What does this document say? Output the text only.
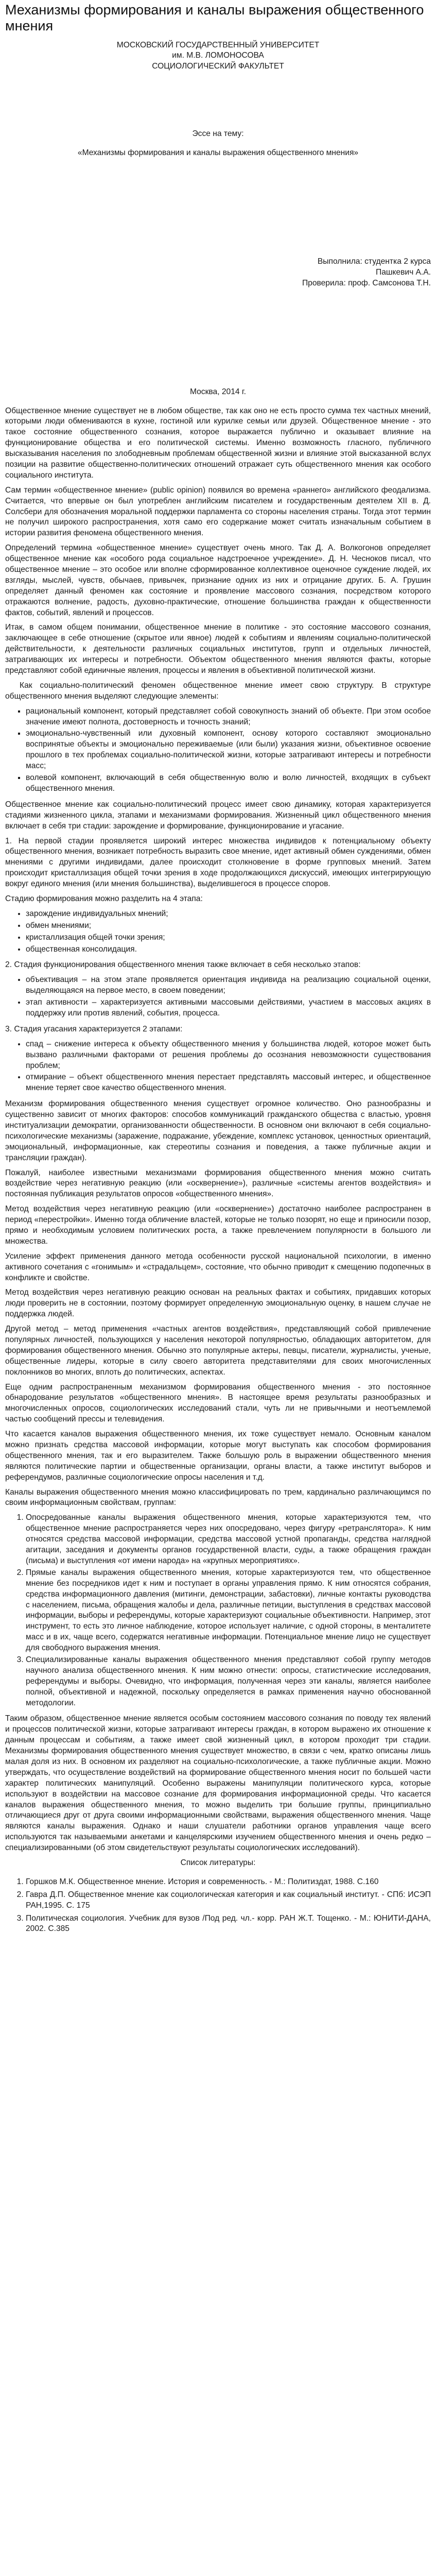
Механизмы формирования и каналы выражения общественного мнения
МОСКОВСКИЙ ГОСУДАРСТВЕННЫЙ УНИВЕРСИТЕТ
им. М.В. ЛОМОНОСОВА
СОЦИОЛОГИЧЕСКИЙ ФАКУЛЬТЕТ
Эссе на тему:
«Механизмы формирования и каналы выражения общественного мнения»
Выполнила: студентка 2 курса
Пашкевич А.А.
Проверила: проф. Самсонова Т.Н.
Москва, 2014 г.

Общественное мнение существует не в любом обществе, так как оно не есть просто сумма тех частных мнений, которыми люди обмениваются в кухне, гостиной или курилке семьи или друзей. Общественное мнение - это такое состояние общественного сознания, которое выражается публично и оказывает влияние на функционирование общества и его политической системы. Именно возможность гласного, публичного высказывания населения по злободневным проблемам общественной жизни и влияние этой высказанной вслух позиции на развитие общественно-политических отношений отражает суть общественного мнения как особого социального института.

Сам термин «общественное мнение» (public opinion) появился во времена «раннего» английского феодализма. Считается, что впервые он был употреблен английским писателем и государственным деятелем XII в. Д. Солсбери для обозначения моральной поддержки парламента со стороны населения страны. Тогда этот термин не получил широкого распространения, хотя само его содержание может считать изначальным событием в истории развития феномена общественного мнения.

Определений термина «общественное мнение» существует очень много. Так Д. А. Волкогонов определяет общественное мнение как «особого рода социальное надстроечное учреждение». Д. Н. Чесноков писал, что общественное мнение – это особое или вполне сформированное коллективное оценочное суждение людей, их взгляды, мыслей, чувств, обычаев, привычек, признание одних из них и отрицание других. Б. А. Грушин определяет данный феномен как состояние и проявление массового сознания, посредством которого отражаются волнение, радость, духовно-практические, отношение большинства граждан к общественности фактов, событий, явлений и процессов.

Итак, в самом общем понимании, общественное мнение в политике - это состояние массового сознания, заключающее в себе отношение (скрытое или явное) людей к событиям и явлениям социально-политической действительности, к деятельности различных социальных институтов, групп и отдельных личностей, затрагивающих их интересы и потребности. Объектом общественного мнения являются факты, которые представляют собой единичные явления, процессы и явления в объективной политической жизни.

Как социально-политический феномен общественное мнение имеет свою структуру. В структуре общественного мнения выделяют следующие элементы:

▪ рациональный компонент, который представляет собой совокупность знаний об объекте. При этом особое значение имеют полнота, достоверность и точность знаний;
▪ эмоционально-чувственный или духовный компонент, основу которого составляют эмоционально воспринятые объекты и эмоционально переживаемые (или были) указания жизни, объективное освоение прошлого в тех проблемах социально-политической жизни, которые затрагивают интересы и потребности масс;
▪ волевой компонент, включающий в себя общественную волю и волю личностей, входящих в субъект общественного мнения.

Общественное мнение как социально-политический процесс имеет свою динамику, которая характеризуется стадиями жизненного цикла, этапами и механизмами формирования. Жизненный цикл общественного мнения включает в себя три стадии: зарождение и формирование, функционирование и угасание.

1. На первой стадии проявляется широкий интерес множества индивидов к потенциальному объекту общественного мнения, возникает потребность выразить свое мнение, идет активный обмен суждениями, обмен мнениями с другими индивидами, далее происходит столкновение в форме групповых мнений. Затем происходит кристаллизация общей точки зрения в ходе продолжающихся дискуссий, имеющих интегрирующую вокруг единого мнения (или мнения большинства), выделившегося в процессе споров.

Стадию формирования можно разделить на 4 этапа:

• зарождение индивидуальных мнений;
• обмен мнениями;
• кристаллизация общей точки зрения;
• общественная консолидация.

2. Стадия функционирования общественного мнения также включает в себя несколько этапов:

• объективация – на этом этапе проявляется ориентация индивида на реализацию социальной оценки, выделяющаяся на первое место, в своем поведении;
• этап активности – характеризуется активными массовыми действиями, участием в массовых акциях в поддержку или против явлений, события, процесса.

3. Стадия угасания характеризуется 2 этапами:

• спад – снижение интереса к объекту общественного мнения у большинства людей, которое может быть вызвано различными факторами от решения проблемы до осознания невозможности существования проблем;
• отмирание – объект общественного мнения перестает представлять массовый интерес, и общественное мнение теряет свое качество общественного мнения.

Механизм формирования общественного мнения существует огромное количество. Оно разнообразны и существенно зависит от многих факторов: способов коммуникаций гражданского общества с властью, уровня институализации демократии, организованности общественности. В основном они включают в себя социально-психологические механизмы (заражение, подражание, убеждение, комплекс установок, ценностных ориентаций, эмоциональный, информационные, как стереотипы сознания и поведения, а также публичные акции и трансляции граждан).

Пожалуй, наиболее известными механизмами формирования общественного мнения можно считать воздействие через негативную реакцию (или «осквернение»), различные «системы агентов воздействия» и постоянная публикация результатов опросов «общественного мнения».

Метод воздействия через негативную реакцию (или «осквернение») достаточно наиболее распространен в период «перестройки». Именно тогда обличение властей, которые не только позорят, но еще и приносили позор, прямо и необходимым условием политических роста, а также превлечением популярности в большого ли множества.

Усиление эффект применения данного метода особенности русской национальной психологии, в именно активного сочетания с «гонимым» и «страдальцем», состояние, что обычно приводит к смещению подопечных в конфликте и свойстве.

Метод воздействия через негативную реакцию основан на реальных фактах и событиях, придавших которых люди проверить не в состоянии, поэтому формирует определенную эмоциональную оценку, в нашем случае не поддержка людей.

Другой метод – метод применения «частных агентов воздействия», представляющий собой привлечение популярных личностей, пользующихся у населения некоторой популярностью, обладающих авторитетом, для формирования общественного мнения. Обычно это популярные актеры, певцы, писатели, журналисты, ученые, общественные лидеры, которые в силу своего авторитета представителями для своих многочисленных поклонников во многих, вплоть до политических, аспектах.

Еще одним распространенным механизмом формирования общественного мнения - это постоянное обнародование результатов «общественного мнения». В настоящее время результаты разнообразных и многочисленных опросов, социологических исследований стали, чуть ли не привычными и неотъемлемой частью сообщений прессы и телевидения.

Что касается каналов выражения общественного мнения, их тоже существует немало. Основным каналом можно признать средства массовой информации, которые могут выступать как способом формирования общественного мнения, так и его выразителем. Также большую роль в выражении общественного мнения являются политические партии и общественные организации, органы власти, а также институт выборов и референдумов, различные социологические опросы населения и т.д.

Каналы выражения общественного мнения можно классифицировать по трем, кардинально различающимся по своим информационным свойствам, группам:

1. Опосредованные каналы выражения общественного мнения, которые характеризуются тем, что общественное мнение распространяется через них опосредовано, через фигуру «ретранслятора». К ним относятся средства массовой информации, средства массовой устной пропаганды, средства наглядной агитации, заседания и документы органов государственной власти, суды, а также обращения граждан (письма) и выступления «от имени народа» на «крупных мероприятиях».
2. Прямые каналы выражения общественного мнения, которые характеризуются тем, что общественное мнение без посредников идет к ним и поступает в органы управления прямо. К ним относятся собрания, средства информационного давления (митинги, демонстрации, забастовки), личные контакты руководства с населением, письма, обращения жалобы и дела, различные петиции, выступления в средствах массовой информации, выборы и референдумы, которые характеризуют социальные объективности. Например, этот инструмент, то есть это личное наблюдение, которое использует наличие, с одной стороны, в менталитете масс и в их, чаще всего, содержатся негативные информации. Потенциальное мнение лицо не существует для свободного выражения мнения.
3. Специализированные каналы выражения общественного мнения представляют собой группу методов научного анализа общественного мнения. К ним можно отнести: опросы, статистические исследования, референдумы и выборы. Очевидно, что информация, полученная через эти каналы, является наиболее полной, объективной и надежной, поскольку определяется в рамках применения научно обоснованной методологии.

Таким образом, общественное мнение является особым состоянием массового сознания по поводу тех явлений и процессов политической жизни, которые затрагивают интересы граждан, в котором выражено их отношение к данным процессам и событиям, а также имеет свой жизненный цикл, в котором проходит три стадии. Механизмы формирования общественного мнения существует множество, в связи с чем, кратко описаны лишь малая доля из них. В основном их разделяют на социально-психологические, а также публичные акции. Можно утверждать, что осуществление воздействий на формирование общественного мнения носит по большей части характер политических манипуляций. Особенно выражены манипуляции политического курса, которые используют в воздействии на массовое сознание для формирования информационной среды. Что касается каналов выражения общественного мнения, то можно выделить три большие группы, принципиально отличающиеся друг от друга своими информационными свойствами, выражения общественного мнения. Чаще являются каналы выражения. Однако и наши слушатели работники органов управления чаще всего используются так называемыми анкетами и канцелярскими изучением общественного мнения и очень редко – специализированными (об этом свидетельствуют результаты социологических исследований).

Список литературы:
1. Горшков М.К. Общественное мнение. История и современность. - М.: Политиздат, 1988. С.160
2. Гавра Д.П. Общественное мнение как социологическая категория и как социальный институт. - СПб: ИСЭП РАН,1995. С. 175
3. Политическая социология. Учебник для вузов /Под ред. чл.- корр. РАН Ж.Т. Тощенко. - М.: ЮНИТИ-ДАНА, 2002. С.385
